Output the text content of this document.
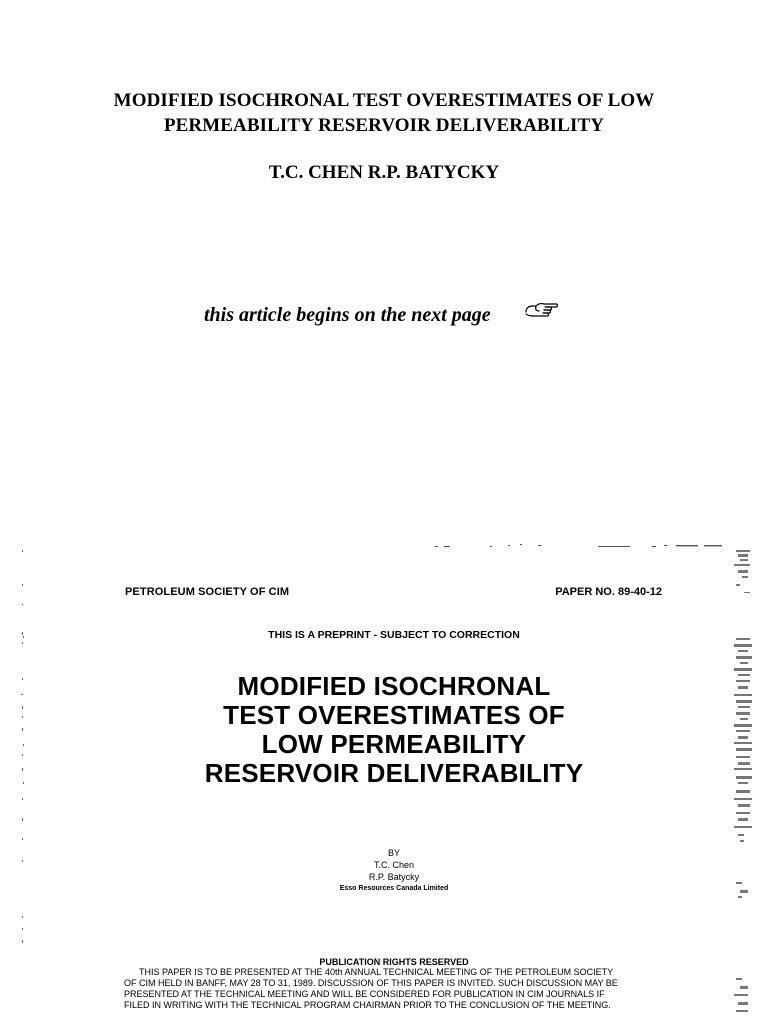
MODIFIED ISOCHRONAL TEST OVERESTIMATES OF LOW
PERMEABILITY RESERVOIR DELIVERABILITY
T.C. CHEN R.P. BATYCKY
this article begins on the next page
PETROLEUM SOCIETY OF CIM	PAPER NO. 89-40-12
THIS IS A PREPRINT - SUBJECT TO CORRECTION
MODIFIED ISOCHRONAL
TEST OVERESTIMATES OF
LOW PERMEABILITY
RESERVOIR DELIVERABILITY
BY
T.C. Chen
R.P. Batycky
Esso Resources Canada Limited
PUBLICATION RIGHTS RESERVED
THIS PAPER IS TO BE PRESENTED AT THE 40th ANNUAL TECHNICAL MEETING OF THE PETROLEUM SOCIETY
OF CIM HELD IN BANFF, MAY 28 TO 31, 1989. DISCUSSION OF THIS PAPER IS INVITED. SUCH DISCUSSION MAY BE
PRESENTED AT THE TECHNICAL MEETING AND WILL BE CONSIDERED FOR PUBLICATION IN CIM JOURNALS IF
FILED IN WRITING WITH THE TECHNICAL PROGRAM CHAIRMAN PRIOR TO THE CONCLUSION OF THE MEETING.
